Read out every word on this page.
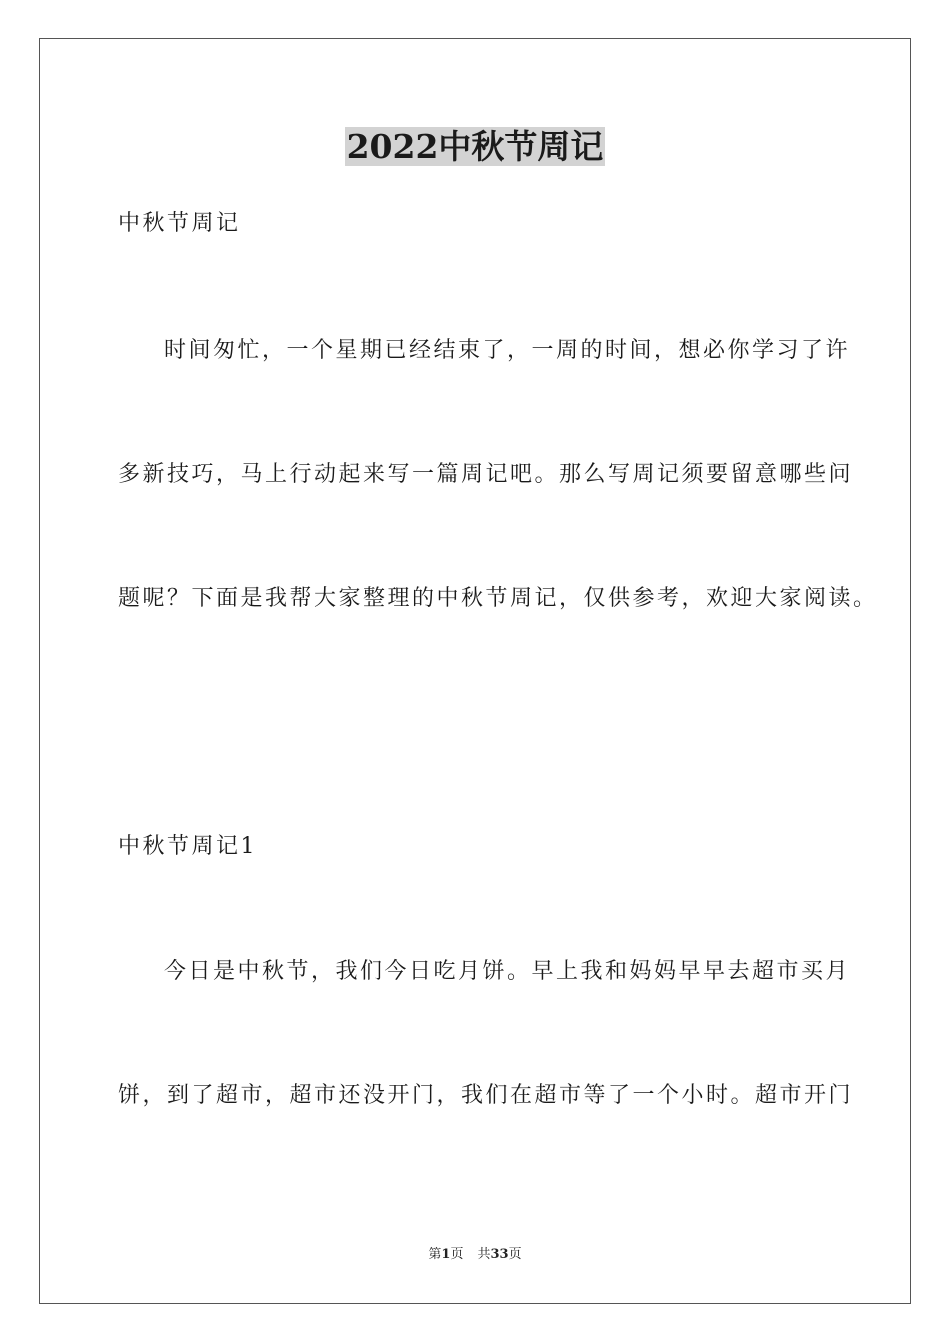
2022中秋节周记

中秋节周记

时间匆忙，一个星期已经结束了，一周的时间，想必你学习了许

多新技巧，马上行动起来写一篇周记吧。那么写周记须要留意哪些问

题呢？下面是我帮大家整理的中秋节周记，仅供参考，欢迎大家阅读。

中秋节周记1

今日是中秋节，我们今日吃月饼。早上我和妈妈早早去超市买月

饼，到了超市，超市还没开门，我们在超市等了一个小时。超市开门

第1页 共33页
